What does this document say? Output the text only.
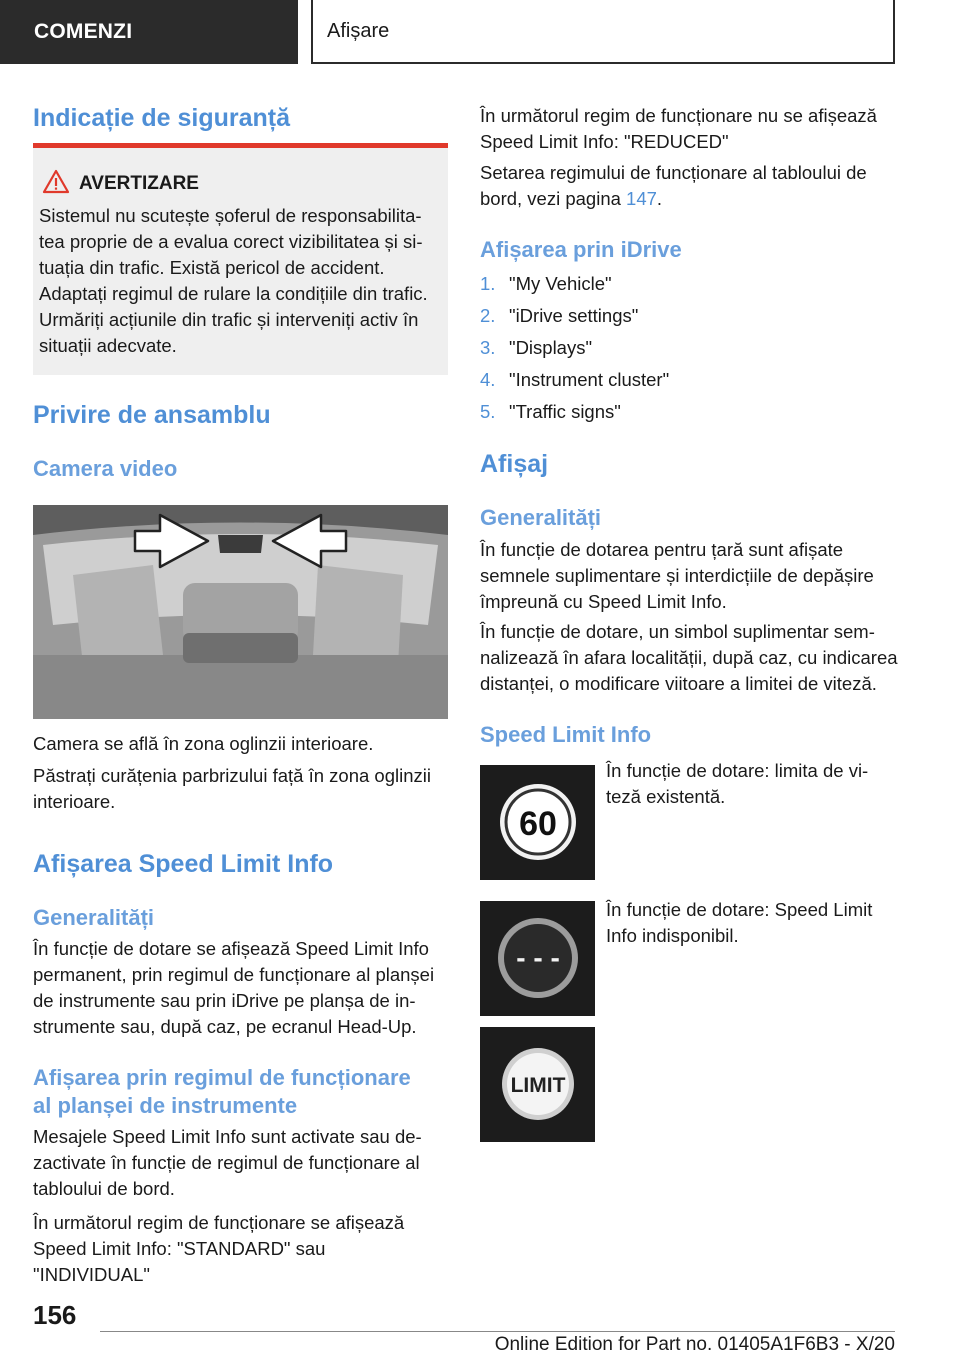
COMENZI	Afișare
Indicație de siguranță
AVERTIZARE
Sistemul nu scutește șoferul de responsabilita-
tea proprie de a evalua corect vizibilitatea și si-
tuația din trafic. Există pericol de accident.
Adaptați regimul de rulare la condițiile din trafic.
Urmăriți acțiunile din trafic și interveniți activ în
situații adecvate.
Privire de ansamblu
Camera video

Camera se află în zona oglinzii interioare.

Păstrați curățenia parbrizului față în zona oglinzii

interioare.

Afișarea Speed Limit Info
Generalități
În funcție de dotare se afișează Speed Limit Info
permanent, prin regimul de funcționare al planșei
de instrumente sau prin iDrive pe planșa de in-
strumente sau, după caz, pe ecranul Head-Up.
Afișarea prin regimul de funcționare
al planșei de instrumente
Mesajele Speed Limit Info sunt activate sau de-
zactivate în funcție de regimul de funcționare al
tabloului de bord.
În următorul regim de funcționare se afișează
Speed Limit Info: "STANDARD" sau
"INDIVIDUAL"
În următorul regim de funcționare nu se afișează
Speed Limit Info: "REDUCED"
Setarea regimului de funcționare al tabloului de
bord, vezi pagina 147.
Afișarea prin iDrive
1. "My Vehicle"
2. "iDrive settings"
3. "Displays"
4. "Instrument cluster"
5. "Traffic signs"
Afișaj
Generalități
În funcție de dotarea pentru țară sunt afișate
semnele suplimentare și interdicțiile de depășire
împreună cu Speed Limit Info.
În funcție de dotare, un simbol suplimentar sem-
nalizează în afara localității, după caz, cu indicarea
distanței, o modificare viitoare a limitei de viteză.
Speed Limit Info
60
În funcție de dotare: limita de vi-
teză existentă.
- - -
În funcție de dotare: Speed Limit
Info indisponibil.
LIMIT
156
Online Edition for Part no. 01405A1F6B3 - X/20
